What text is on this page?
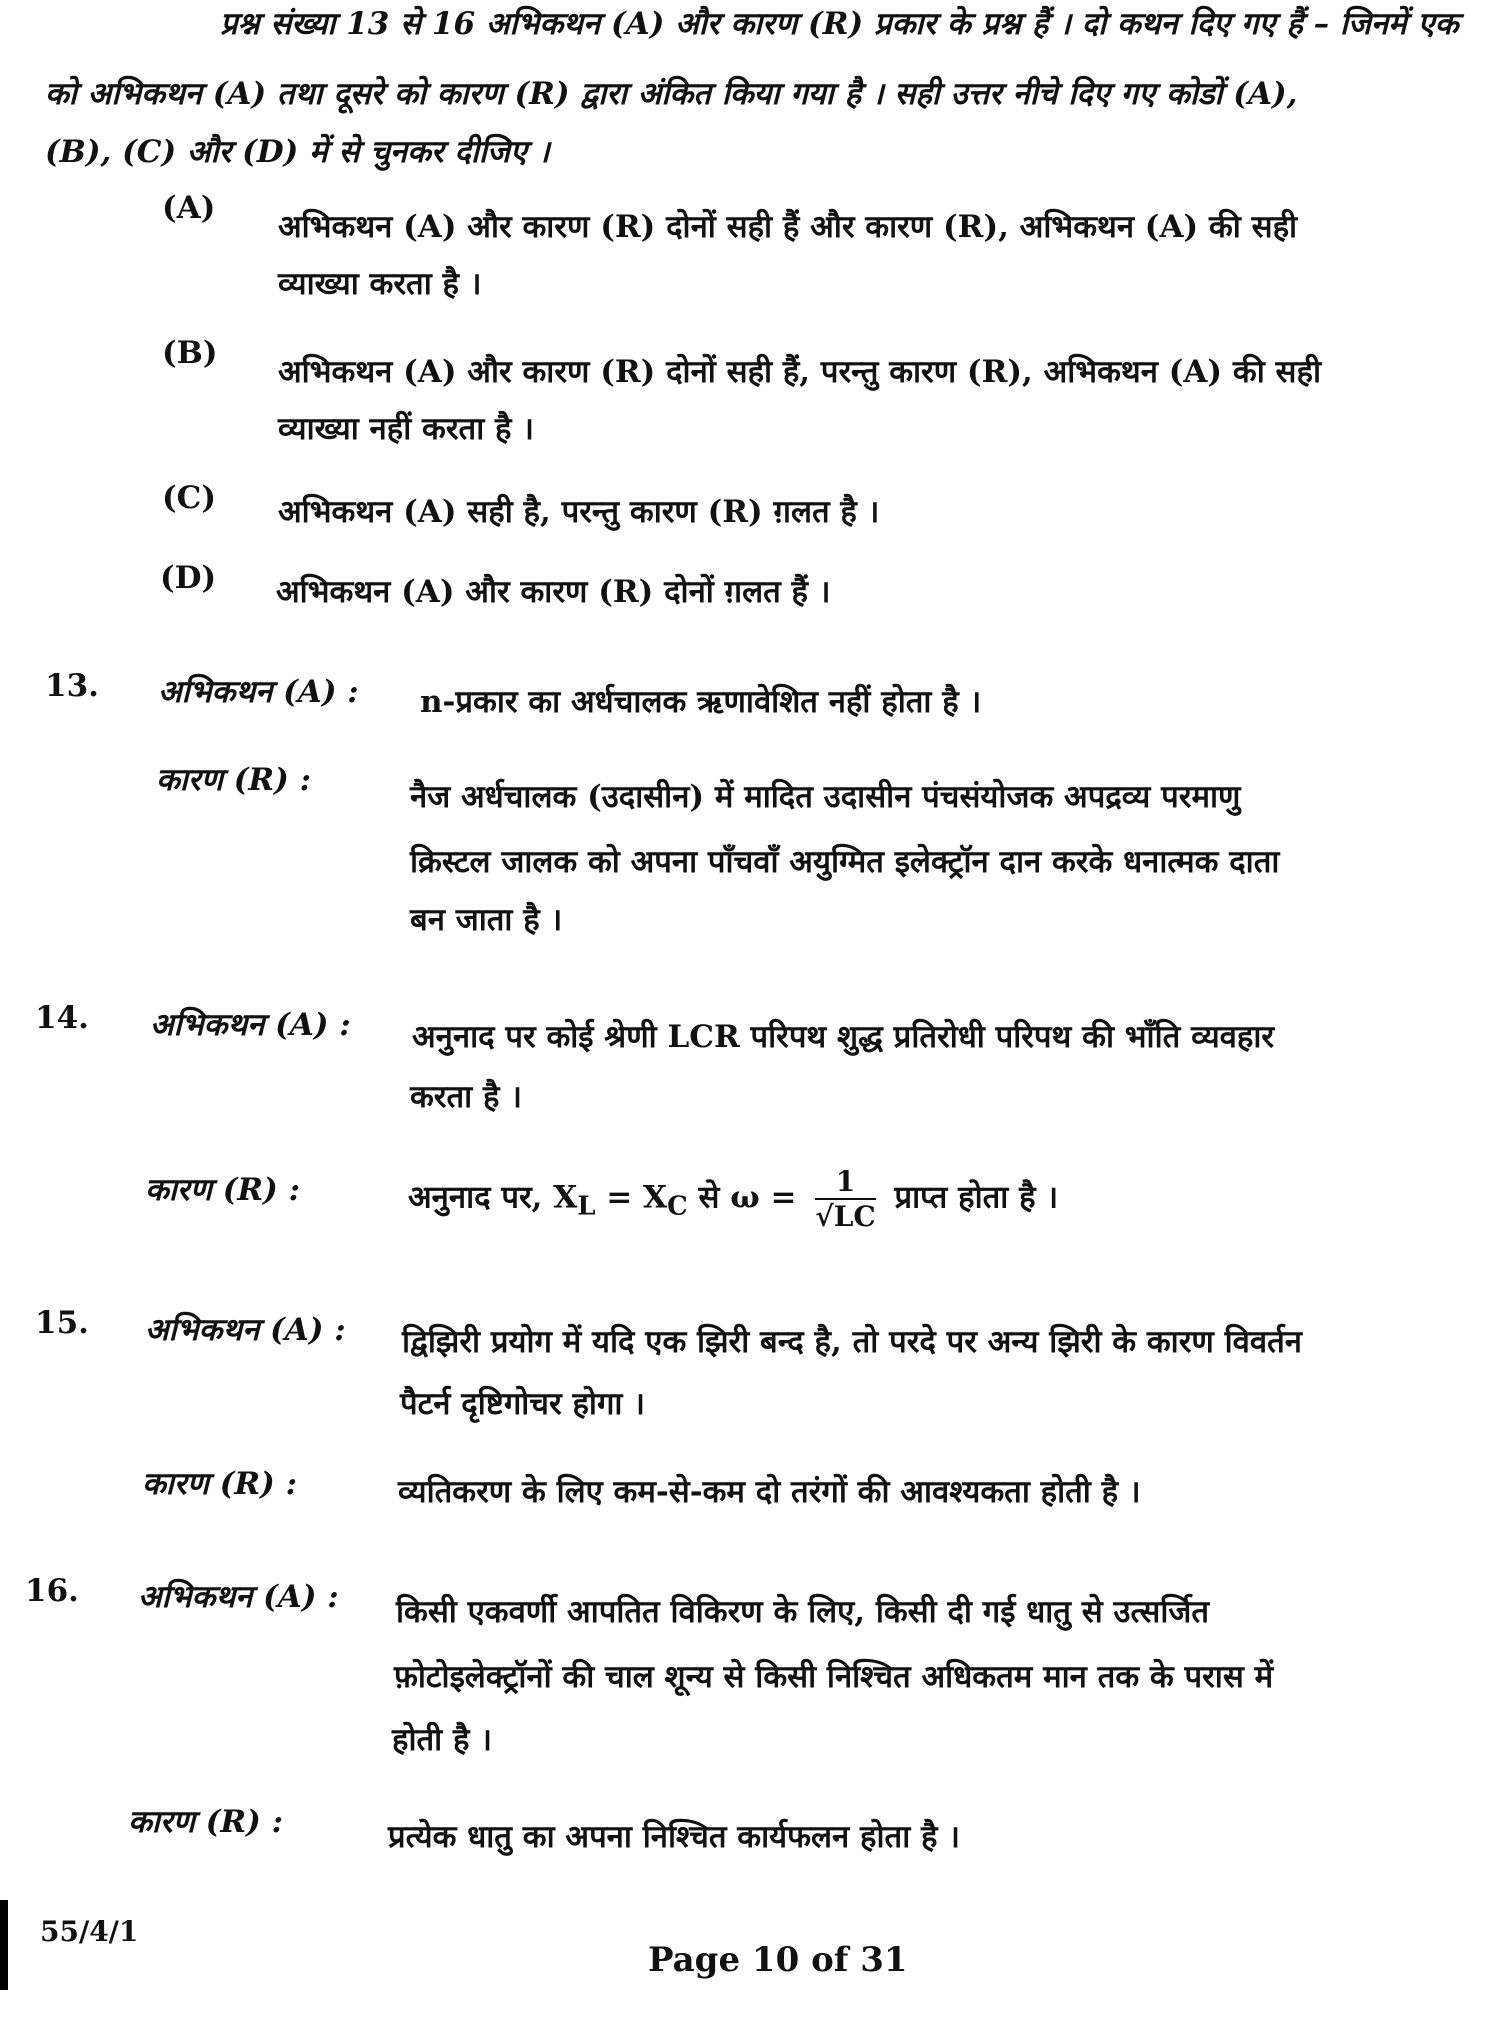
प्रश्न संख्या 13 से 16 अभिकथन (A) और कारण (R) प्रकार के प्रश्न हैं । दो कथन दिए गए हैं – जिनमें एक
को अभिकथन (A) तथा दूसरे को कारण (R) द्वारा अंकित किया गया है । सही उत्तर नीचे दिए गए कोडों (A),
(B), (C) और (D) में से चुनकर दीजिए ।
(A)
अभिकथन (A) और कारण (R) दोनों सही हैं और कारण (R), अभिकथन (A) की सही
व्याख्या करता है ।
(B)
अभिकथन (A) और कारण (R) दोनों सही हैं, परन्तु कारण (R), अभिकथन (A) की सही
व्याख्या नहीं करता है ।
(C) अभिकथन (A) सही है, परन्तु कारण (R) ग़लत है ।
(D) अभिकथन (A) और कारण (R) दोनों ग़लत हैं ।
13. अभिकथन (A) : n-प्रकार का अर्धचालक ऋणावेशित नहीं होता है ।
कारण (R) :	नैज अर्धचालक (उदासीन) में मादित उदासीन पंचसंयोजक अपद्रव्य परमाणु
क्रिस्टल जालक को अपना पाँचवाँ अयुग्मित इलेक्ट्रॉन दान करके धनात्मक दाता
बन जाता है ।
14. अभिकथन (A) : अनुनाद पर कोई श्रेणी LCR परिपथ शुद्ध प्रतिरोधी परिपथ की भाँति व्यवहार
करता है ।
कारण (R) :	अनुनाद पर, $X_L = X_C$ से $\omega = \frac{1}{√LC}$ प्राप्त होता है ।
15. अभिकथन (A) : द्विझिरी प्रयोग में यदि एक झिरी बन्द है, तो परदे पर अन्य झिरी के कारण विवर्तन
पैटर्न दृष्टिगोचर होगा ।
कारण (R) :	व्यतिकरण के लिए कम-से-कम दो तरंगों की आवश्यकता होती है ।
16. अभिकथन (A) : किसी एकवर्णी आपतित विकिरण के लिए, किसी दी गई धातु से उत्सर्जित
फ़ोटोइलेक्ट्रॉनों की चाल शून्य से किसी निश्चित अधिकतम मान तक के परास में
होती है ।
कारण (R) :	प्रत्येक धातु का अपना निश्चित कार्यफलन होता है ।
55/4/1
Page 10 of 31
